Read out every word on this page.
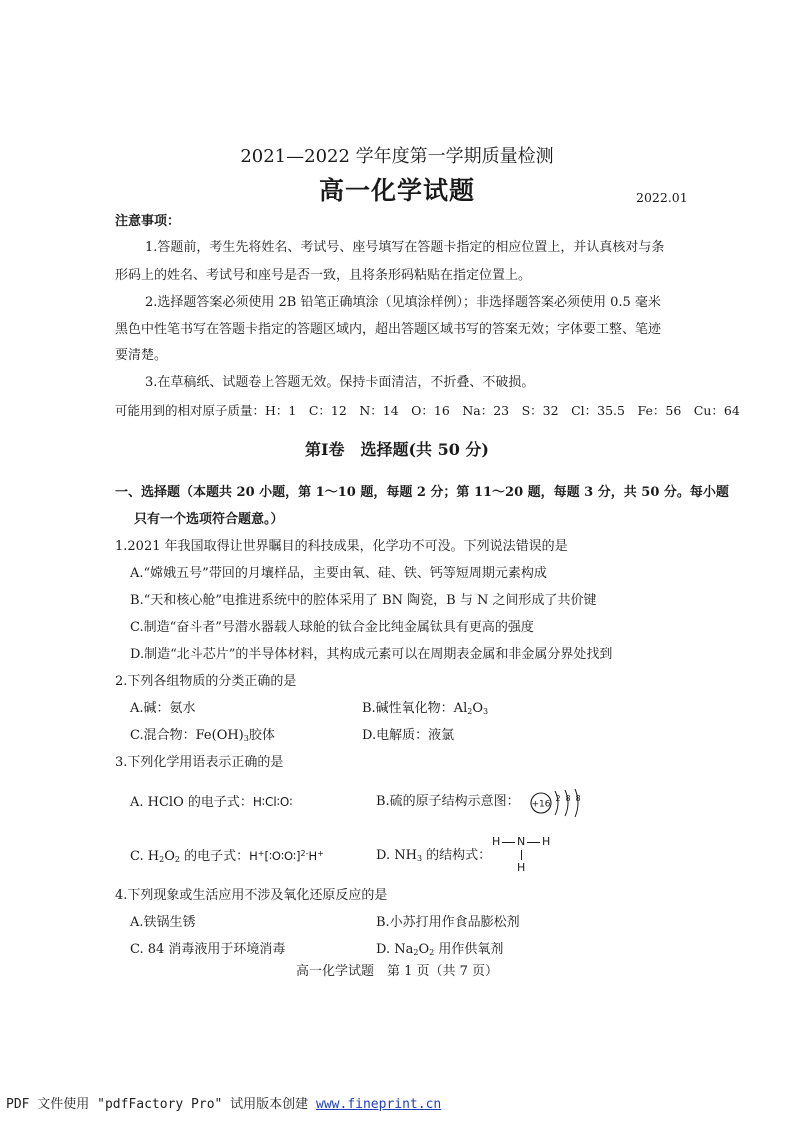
2021—2022 学年度第一学期质量检测
高一化学试题	2022.01
注意事项：
1.答题前，考生先将姓名、考试号、座号填写在答题卡指定的相应位置上，并认真核对与条
形码上的姓名、考试号和座号是否一致，且将条形码粘贴在指定位置上。
2.选择题答案必须使用 2B 铅笔正确填涂（见填涂样例）；非选择题答案必须使用 0.5 毫米
黑色中性笔书写在答题卡指定的答题区域内，超出答题区域书写的答案无效；字体要工整、笔迹
要清楚。
3.在草稿纸、试题卷上答题无效。保持卡面清洁，不折叠、不破损。
可能用到的相对原子质量：H：1　C：12　N：14　O：16　Na：23　S：32　Cl：35.5　Fe：56　Cu：64
第Ⅰ卷　选择题(共 50 分)
一、选择题（本题共 20 小题，第 1～10 题，每题 2 分；第 11～20 题，每题 3 分，共 50 分。每小题
只有一个选项符合题意。）
1.2021 年我国取得让世界瞩目的科技成果，化学功不可没。下列说法错误的是
A.“嫦娥五号”带回的月壤样品，主要由氧、硅、铁、钙等短周期元素构成
B.“天和核心舱”电推进系统中的腔体采用了 BN 陶瓷，B 与 N 之间形成了共价键
C.制造“奋斗者”号潜水器载人球舱的钛合金比纯金属钛具有更高的强度
D.制造“北斗芯片”的半导体材料，其构成元素可以在周期表金属和非金属分界处找到
2.下列各组物质的分类正确的是
A.碱：氨水	B.碱性氧化物：$Al_2O_3$
C.混合物：$Fe(OH)_3$胶体	D.电解质：液氯
3.下列化学用语表示正确的是
A. HClO 的电子式：H∶Cl∶O∶	B.硫的原子结构示意图： +16
2 8 8
C. $H_2O_2$ 的电子式：H+[∶O∶O∶]$^{2-}$H+	D. $NH_3$ 的结构式：
H N H
H
4.下列现象或生活应用不涉及氧化还原反应的是
A.铁锅生锈	B.小苏打用作食品膨松剂
C. 84 消毒液用于环境消毒	D. $Na_2O_2$ 用作供氧剂
高一化学试题　第 1 页（共 7 页）
PDF 文件使用 "pdfFactory Pro" 试用版本创建 www.fineprint.cn
